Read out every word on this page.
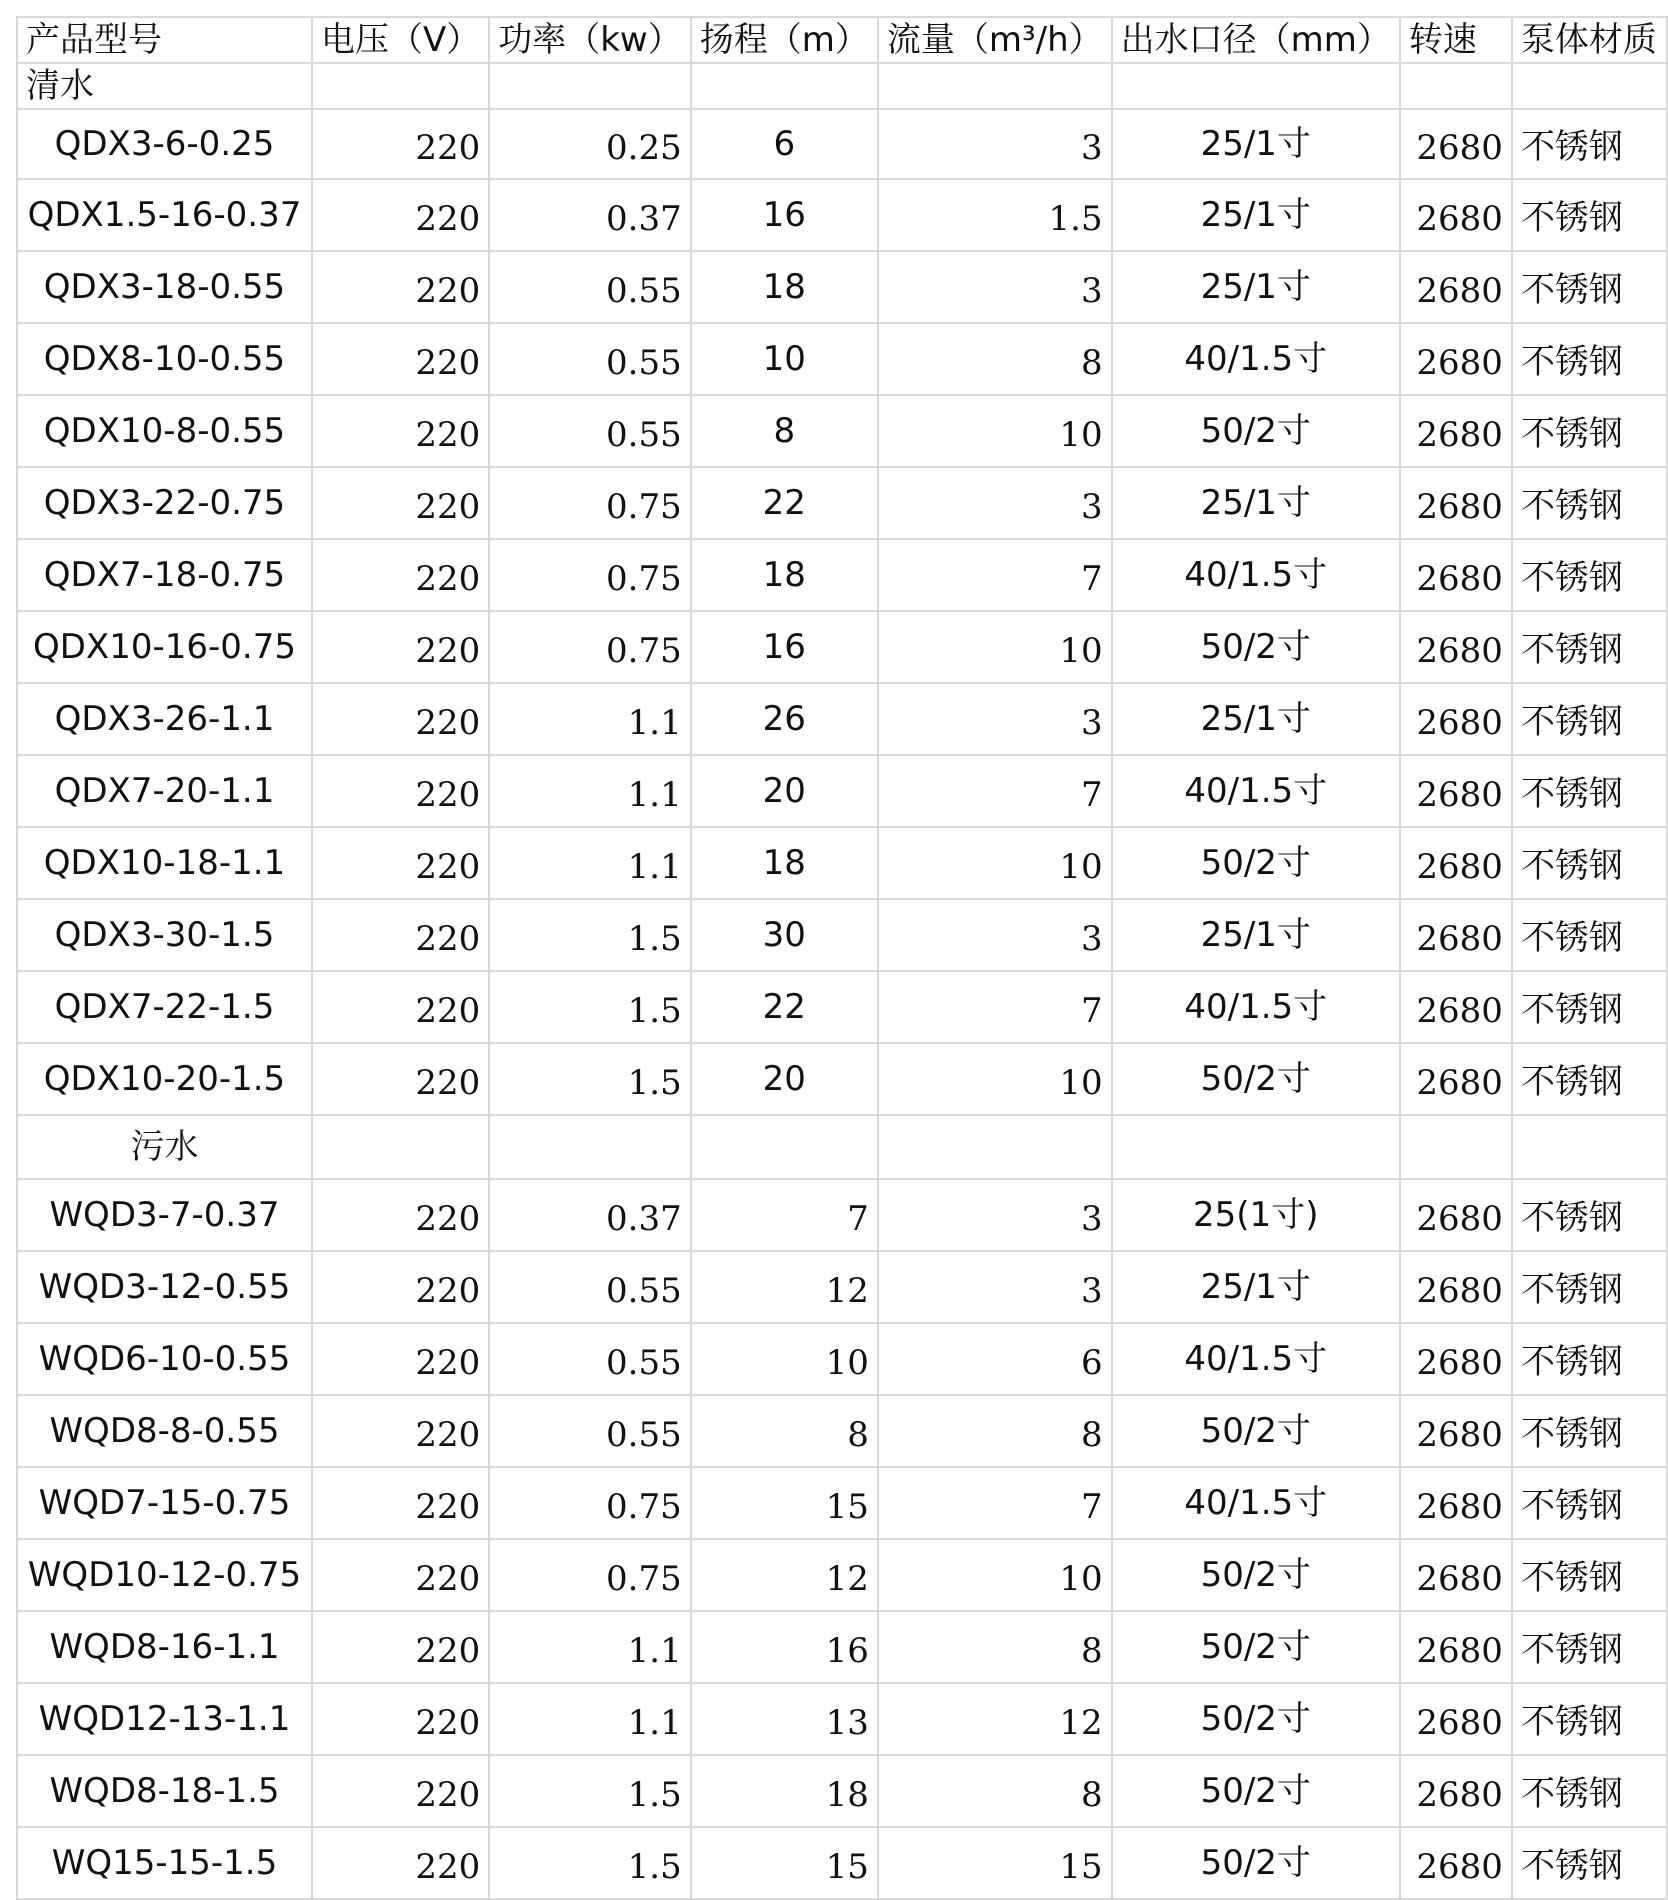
产品型号	电压（V）	功率（kw）	扬程（m）	流量（m³/h）	出水口径（mm）	转速	泵体材质
清水							
QDX3-6-0.25	220	0.25	6	3	25/1寸	2680	不锈钢
QDX1.5-16-0.37	220	0.37	16	1.5	25/1寸	2680	不锈钢
QDX3-18-0.55	220	0.55	18	3	25/1寸	2680	不锈钢
QDX8-10-0.55	220	0.55	10	8	40/1.5寸	2680	不锈钢
QDX10-8-0.55	220	0.55	8	10	50/2寸	2680	不锈钢
QDX3-22-0.75	220	0.75	22	3	25/1寸	2680	不锈钢
QDX7-18-0.75	220	0.75	18	7	40/1.5寸	2680	不锈钢
QDX10-16-0.75	220	0.75	16	10	50/2寸	2680	不锈钢
QDX3-26-1.1	220	1.1	26	3	25/1寸	2680	不锈钢
QDX7-20-1.1	220	1.1	20	7	40/1.5寸	2680	不锈钢
QDX10-18-1.1	220	1.1	18	10	50/2寸	2680	不锈钢
QDX3-30-1.5	220	1.5	30	3	25/1寸	2680	不锈钢
QDX7-22-1.5	220	1.5	22	7	40/1.5寸	2680	不锈钢
QDX10-20-1.5	220	1.5	20	10	50/2寸	2680	不锈钢
污水							
WQD3-7-0.37	220	0.37	7	3	25(1寸)	2680	不锈钢
WQD3-12-0.55	220	0.55	12	3	25/1寸	2680	不锈钢
WQD6-10-0.55	220	0.55	10	6	40/1.5寸	2680	不锈钢
WQD8-8-0.55	220	0.55	8	8	50/2寸	2680	不锈钢
WQD7-15-0.75	220	0.75	15	7	40/1.5寸	2680	不锈钢
WQD10-12-0.75	220	0.75	12	10	50/2寸	2680	不锈钢
WQD8-16-1.1	220	1.1	16	8	50/2寸	2680	不锈钢
WQD12-13-1.1	220	1.1	13	12	50/2寸	2680	不锈钢
WQD8-18-1.5	220	1.5	18	8	50/2寸	2680	不锈钢
WQ15-15-1.5	220	1.5	15	15	50/2寸	2680	不锈钢
